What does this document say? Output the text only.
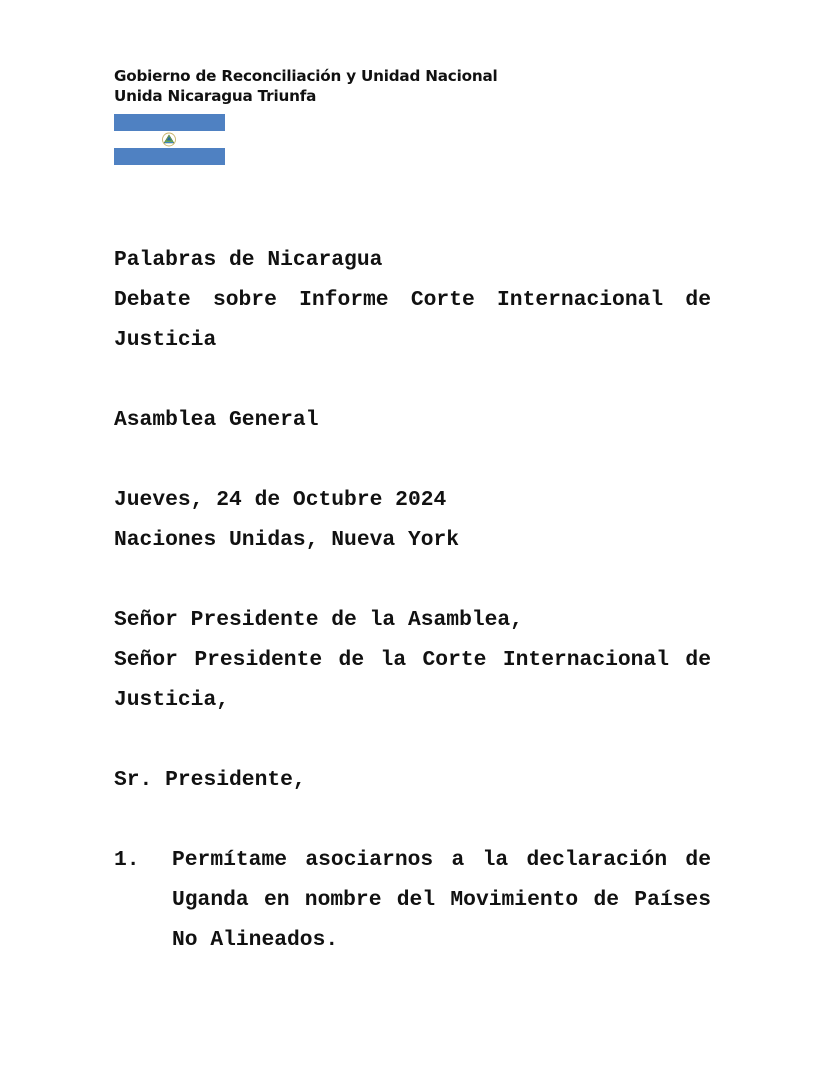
Gobierno de Reconciliación y Unidad Nacional
Unida Nicaragua Triunfa
Palabras de Nicaragua
Debate sobre Informe Corte Internacional de Justicia
Asamblea General
Jueves, 24 de Octubre 2024
Naciones Unidas, Nueva York
Señor Presidente de la Asamblea,
Señor Presidente de la Corte Internacional de Justicia,
Sr. Presidente,
1. Permítame asociarnos a la declaración de Uganda en nombre del Movimiento de Países No Alineados.
